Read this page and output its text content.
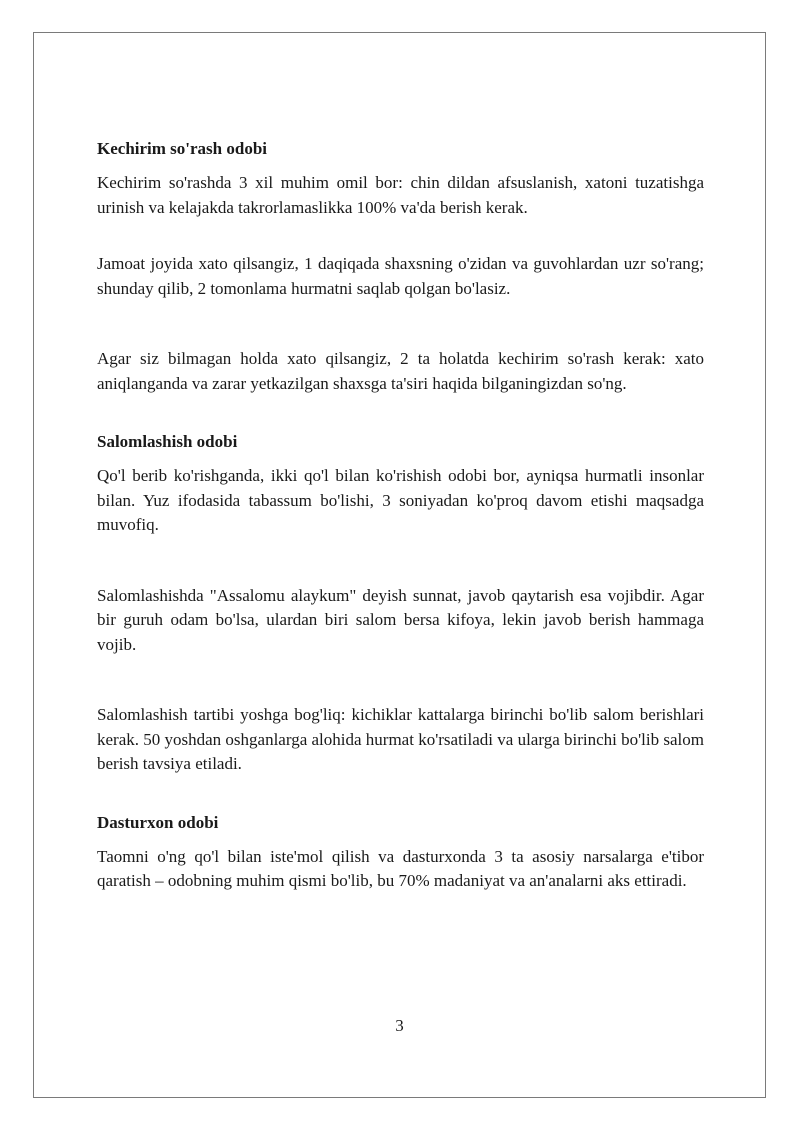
Kechirim so'rash odobi

Kechirim so'rashda 3 xil muhim omil bor: chin dildan afsuslanish, xatoni tuzatishga urinish va kelajakda takrorlamaslikka 100% va'da berish kerak.

Jamoat joyida xato qilsangiz, 1 daqiqada shaxsning o'zidan va guvohlardan uzr so'rang; shunday qilib, 2 tomonlama hurmatni saqlab qolgan bo'lasiz.

Agar siz bilmagan holda xato qilsangiz, 2 ta holatda kechirim so'rash kerak: xato aniqlanganda va zarar yetkazilgan shaxsga ta'siri haqida bilganingizdan so'ng.

Salomlashish odobi

Qo'l berib ko'rishganda, ikki qo'l bilan ko'rishish odobi bor, ayniqsa hurmatli insonlar bilan. Yuz ifodasida tabassum bo'lishi, 3 soniyadan ko'proq davom etishi maqsadga muvofiq.

Salomlashishda "Assalomu alaykum" deyish sunnat, javob qaytarish esa vojibdir. Agar bir guruh odam bo'lsa, ulardan biri salom bersa kifoya, lekin javob berish hammaga vojib.

Salomlashish tartibi yoshga bog'liq: kichiklar kattalarga birinchi bo'lib salom berishlari kerak. 50 yoshdan oshganlarga alohida hurmat ko'rsatiladi va ularga birinchi bo'lib salom berish tavsiya etiladi.

Dasturxon odobi

Taomni o'ng qo'l bilan iste'mol qilish va dasturxonda 3 ta asosiy narsalarga e'tibor qaratish – odobning muhim qismi bo'lib, bu 70% madaniyat va an'analarni aks ettiradi.

3
